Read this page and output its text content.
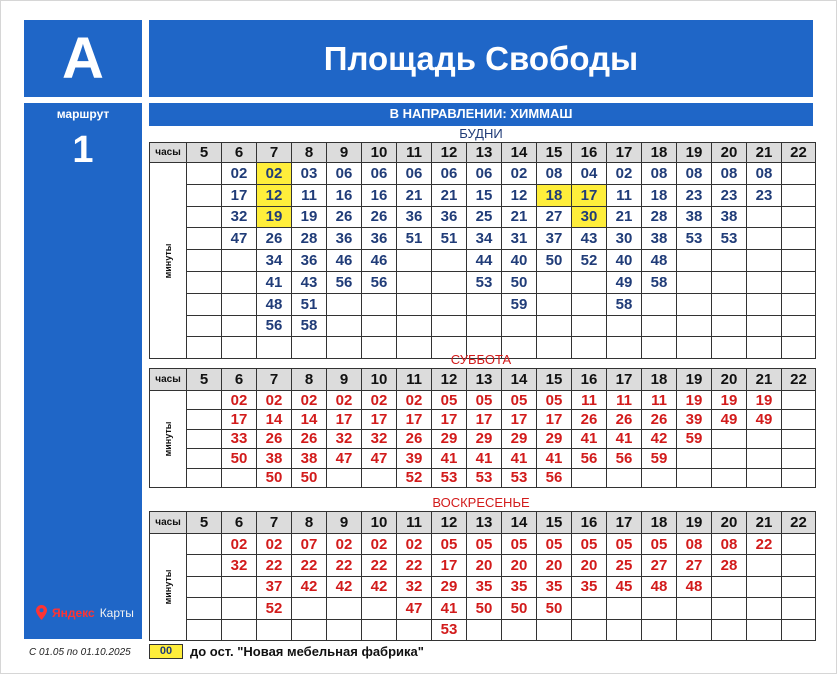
А	Площадь Свободы
маршрут
1
Яндекс Карты
В НАПРАВЛЕНИИ: ХИММАШ
БУДНИ
часы	5	6	7	8	9	10	11	12	13	14	15	16	17	18	19	20	21	22

минуты		02	02	03	06	06	06	06	06	02	08	04	02	08	08	08	08	
		17	12	11	16	16	21	21	15	12	18	17	11	18	23	23	23	
		32	19	19	26	26	36	36	25	21	27	30	21	28	38	38		
		47	26	28	36	36	51	51	34	31	37	43	30	38	53	53		
			34	36	46	46			44	40	50	52	40	48				
			41	43	56	56			53	50			49	58				
			48	51						59			58					
			56	58														

СУББОТА
часы	5	6	7	8	9	10	11	12	13	14	15	16	17	18	19	20	21	22

минуты		02	02	02	02	02	02	05	05	05	05	11	11	11	19	19	19	
		17	14	14	17	17	17	17	17	17	17	26	26	26	39	49	49	
		33	26	26	32	32	26	29	29	29	29	41	41	42	59			
		50	38	38	47	47	39	41	41	41	41	56	56	59				
			50	50			52	53	53	53	56							
ВОСКРЕСЕНЬЕ
часы	5	6	7	8	9	10	11	12	13	14	15	16	17	18	19	20	21	22

минуты		02	02	07	02	02	02	05	05	05	05	05	05	05	08	08	22	
		32	22	22	22	22	22	17	20	20	20	20	25	27	27	28		
			37	42	42	42	32	29	35	35	35	35	45	48	48			
			52				47	41	50	50	50							
								53										
С 01.05 по 01.10.2025	00	до ост. "Новая мебельная фабрика"
